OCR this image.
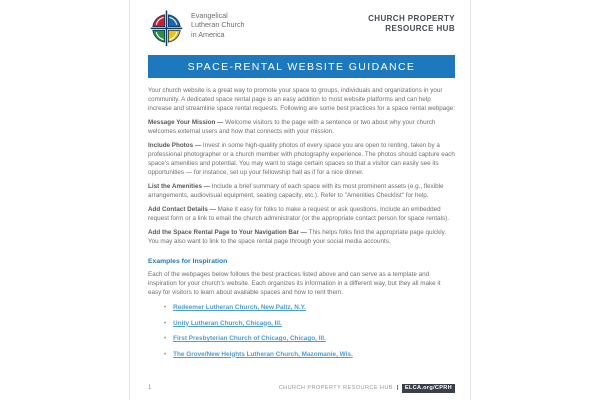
Evangelical
Lutheran Church
in America
CHURCH PROPERTY
RESOURCE HUB
SPACE-RENTAL WEBSITE GUIDANCE

Your church website is a great way to promote your space to groups, individuals and organizations in your community. A dedicated space rental page is an easy addition to most website platforms and can help increase and streamline space rental requests. Following are some best practices for a space rental webpage:

Message Your Mission — Welcome visitors to the page with a sentence or two about why your church welcomes external users and how that connects with your mission.

Include Photos — Invest in some high-quality photos of every space you are open to renting, taken by a professional photographer or a church member with photography experience. The photos should capture each space's amenities and potential. You may want to stage certain spaces so that a visitor can easily see its opportunities — for instance, set up your fellowship hall as if for a nice dinner.

List the Amenities — Include a brief summary of each space with its most prominent assets (e.g., flexible arrangements, audiovisual equipment, seating capacity, etc.). Refer to "Amenities Checklist" for help.

Add Contact Details — Make it easy for folks to make a request or ask questions. Include an embedded request form or a link to email the church administrator (or the appropriate contact person for space rentals).

Add the Space Rental Page to Your Navigation Bar — This helps folks find the appropriate page quickly. You may also want to link to the space rental page through your social media accounts.

Examples for Inspiration

Each of the webpages below follows the best practices listed above and can serve as a template and inspiration for your church's website. Each organizes its information in a different way, but they all make it easy for visitors to learn about available spaces and how to rent them.

• Redeemer Lutheran Church, New Paltz, N.Y.
• Unity Lutheran Church, Chicago, Ill.
• First Presbyterian Church of Chicago, Chicago, Ill.
• The Grove/New Heights Lutheran Church, Mazomanie, Wis.
1	CHURCH PROPERTY RESOURCE HUB |	ELCA.org/CPRH
